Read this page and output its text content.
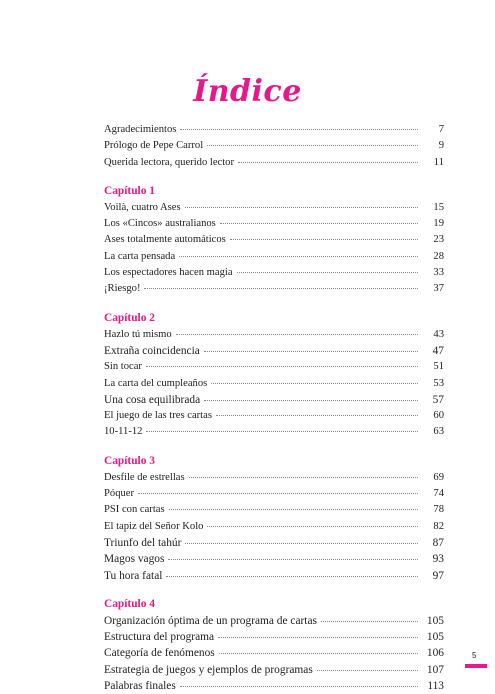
Índice
Agradecimientos	7
Prólogo de Pepe Carrol	9
Querida lectora, querido lector	11
Capítulo 1
Voilà, cuatro Ases	15
Los «Cincos» australianos	19
Ases totalmente automáticos	23
La carta pensada	28
Los espectadores hacen magia	33
¡Riesgo!	37
Capítulo 2
Hazlo tú mismo	43
Extraña coincidencia	47
Sin tocar	51
La carta del cumpleaños	53
Una cosa equilibrada	57
El juego de las tres cartas	60
10-11-12	63
Capítulo 3
Desfile de estrellas	69
Póquer	74
PSI con cartas	78
El tapiz del Señor Kolo	82
Triunfo del tahúr	87
Magos vagos	93
Tu hora fatal	97
Capítulo 4
Organización óptima de un programa de cartas	105
Estructura del programa	105
Categoría de fenómenos	106
Estrategia de juegos y ejemplos de programas	107
Palabras finales	113
5
